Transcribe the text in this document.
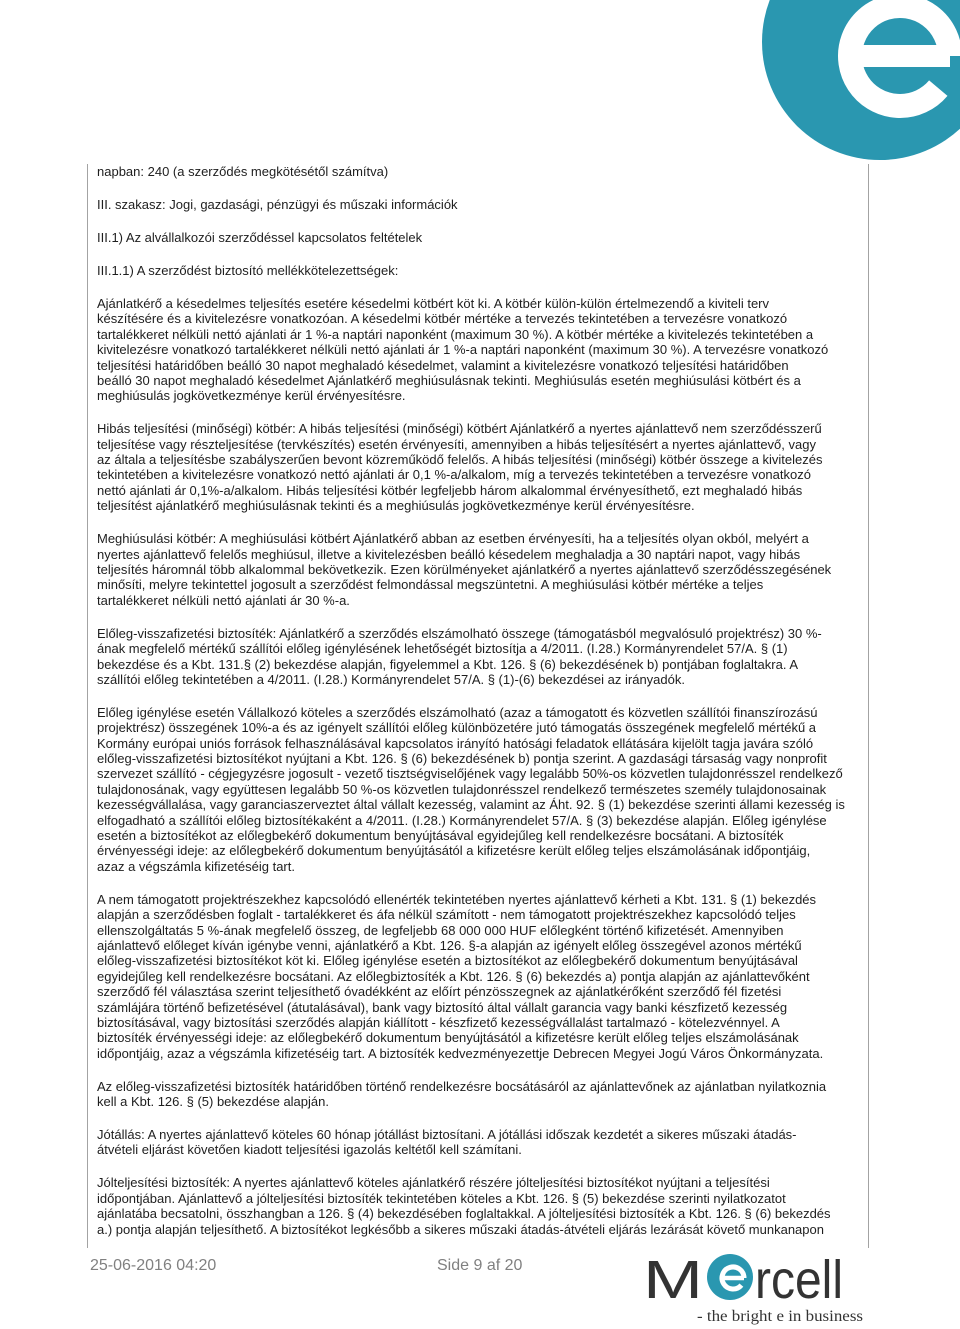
napban: 240 (a szerződés megkötésétől számítva)
III. szakasz: Jogi, gazdasági, pénzügyi és műszaki információk
III.1) Az alvállalkozói szerződéssel kapcsolatos feltételek
III.1.1) A szerződést biztosító mellékkötelezettségek:
Ajánlatkérő a késedelmes teljesítés esetére késedelmi kötbért köt ki. A kötbér külön-külön értelmezendő a kiviteli terv
készítésére és a kivitelezésre vonatkozóan. A késedelmi kötbér mértéke a tervezés tekintetében a tervezésre vonatkozó
tartalékkeret nélküli nettó ajánlati ár 1 %-a naptári naponként (maximum 30 %). A kötbér mértéke a kivitelezés tekintetében a
kivitelezésre vonatkozó tartalékkeret nélküli nettó ajánlati ár 1 %-a naptári naponként (maximum 30 %). A tervezésre vonatkozó
teljesítési határidőben beálló 30 napot meghaladó késedelmet, valamint a kivitelezésre vonatkozó teljesítési határidőben
beálló 30 napot meghaladó késedelmet Ajánlatkérő meghiúsulásnak tekinti. Meghiúsulás esetén meghiúsulási kötbért és a
meghiúsulás jogkövetkezménye kerül érvényesítésre.
Hibás teljesítési (minőségi) kötbér: A hibás teljesítési (minőségi) kötbért Ajánlatkérő a nyertes ajánlattevő nem szerződésszerű
teljesítése vagy részteljesítése (tervkészítés) esetén érvényesíti, amennyiben a hibás teljesítésért a nyertes ajánlattevő, vagy
az általa a teljesítésbe szabályszerűen bevont közreműködő felelős. A hibás teljesítési (minőségi) kötbér összege a kivitelezés
tekintetében a kivitelezésre vonatkozó nettó ajánlati ár 0,1 %-a/alkalom, míg a tervezés tekintetében a tervezésre vonatkozó
nettó ajánlati ár 0,1%-a/alkalom. Hibás teljesítési kötbér legfeljebb három alkalommal érvényesíthető, ezt meghaladó hibás
teljesítést ajánlatkérő meghiúsulásnak tekinti és a meghiúsulás jogkövetkezménye kerül érvényesítésre.
Meghiúsulási kötbér: A meghiúsulási kötbért Ajánlatkérő abban az esetben érvényesíti, ha a teljesítés olyan okból, melyért a
nyertes ajánlattevő felelős meghiúsul, illetve a kivitelezésben beálló késedelem meghaladja a 30 naptári napot, vagy hibás
teljesítés háromnál több alkalommal bekövetkezik. Ezen körülményeket ajánlatkérő a nyertes ajánlattevő szerződésszegésének
minősíti, melyre tekintettel jogosult a szerződést felmondással megszüntetni. A meghiúsulási kötbér mértéke a teljes
tartalékkeret nélküli nettó ajánlati ár 30 %-a.
Előleg-visszafizetési biztosíték: Ajánlatkérő a szerződés elszámolható összege (támogatásból megvalósuló projektrész) 30 %-
ának megfelelő mértékű szállítói előleg igénylésének lehetőségét biztosítja a 4/2011. (I.28.) Kormányrendelet 57/A. § (1)
bekezdése és a Kbt. 131.§ (2) bekezdése alapján, figyelemmel a Kbt. 126. § (6) bekezdésének b) pontjában foglaltakra. A
szállítói előleg tekintetében a 4/2011. (I.28.) Kormányrendelet 57/A. § (1)-(6) bekezdései az irányadók.
Előleg igénylése esetén Vállalkozó köteles a szerződés elszámolható (azaz a támogatott és közvetlen szállítói finanszírozású
projektrész) összegének 10%-a és az igényelt szállítói előleg különbözetére jutó támogatás összegének megfelelő mértékű a
Kormány európai uniós források felhasználásával kapcsolatos irányító hatósági feladatok ellátására kijelölt tagja javára szóló
előleg-visszafizetési biztosítékot nyújtani a Kbt. 126. § (6) bekezdésének b) pontja szerint. A gazdasági társaság vagy nonprofit
szervezet szállító - cégjegyzésre jogosult - vezető tisztségviselőjének vagy legalább 50%-os közvetlen tulajdonrésszel rendelkező
tulajdonosának, vagy együttesen legalább 50 %-os közvetlen tulajdonrésszel rendelkező természetes személy tulajdonosainak
kezességvállalása, vagy garanciaszerveztet által vállalt kezesség, valamint az Áht. 92. § (1) bekezdése szerinti állami kezesség is
elfogadható a szállítói előleg biztosítékaként a 4/2011. (I.28.) Kormányrendelet 57/A. § (3) bekezdése alapján. Előleg igénylése
esetén a biztosítékot az előlegbekérő dokumentum benyújtásával egyidejűleg kell rendelkezésre bocsátani. A biztosíték
érvényességi ideje: az előlegbekérő dokumentum benyújtásától a kifizetésre került előleg teljes elszámolásának időpontjáig,
azaz a végszámla kifizetéséig tart.
A nem támogatott projektrészekhez kapcsolódó ellenérték tekintetében nyertes ajánlattevő kérheti a Kbt. 131. § (1) bekezdés
alapján a szerződésben foglalt - tartalékkeret és áfa nélkül számított - nem támogatott projektrészekhez kapcsolódó teljes
ellenszolgáltatás 5 %-ának megfelelő összeg, de legfeljebb 68 000 000 HUF előlegként történő kifizetését. Amennyiben
ajánlattevő előleget kíván igénybe venni, ajánlatkérő a Kbt. 126. §-a alapján az igényelt előleg összegével azonos mértékű
előleg-visszafizetési biztosítékot köt ki. Előleg igénylése esetén a biztosítékot az előlegbekérő dokumentum benyújtásával
egyidejűleg kell rendelkezésre bocsátani. Az előlegbiztosíték a Kbt. 126. § (6) bekezdés a) pontja alapján az ajánlattevőként
szerződő fél választása szerint teljesíthető óvadékként az előírt pénzösszegnek az ajánlatkérőként szerződő fél fizetési
számlájára történő befizetésével (átutalásával), bank vagy biztosító által vállalt garancia vagy banki készfizető kezesség
biztosításával, vagy biztosítási szerződés alapján kiállított - készfizető kezességvállalást tartalmazó - kötelezvénnyel. A
biztosíték érvényességi ideje: az előlegbekérő dokumentum benyújtásától a kifizetésre került előleg teljes elszámolásának
időpontjáig, azaz a végszámla kifizetéséig tart. A biztosíték kedvezményezettje Debrecen Megyei Jogú Város Önkormányzata.
Az előleg-visszafizetési biztosíték határidőben történő rendelkezésre bocsátásáról az ajánlattevőnek az ajánlatban nyilatkoznia
kell a Kbt. 126. § (5) bekezdése alapján.
Jótállás: A nyertes ajánlattevő köteles 60 hónap jótállást biztosítani. A jótállási időszak kezdetét a sikeres műszaki átadás-
átvételi eljárást követően kiadott teljesítési igazolás keltétől kell számítani.
Jólteljesítési biztosíték: A nyertes ajánlattevő köteles ajánlatkérő részére jólteljesítési biztosítékot nyújtani a teljesítési
időpontjában. Ajánlattevő a jólteljesítési biztosíték tekintetében köteles a Kbt. 126. § (5) bekezdése szerinti nyilatkozatot
ajánlatába becsatolni, összhangban a 126. § (4) bekezdésében foglaltakkal. A jólteljesítési biztosíték a Kbt. 126. § (6) bekezdés
a.) pontja alapján teljesíthető. A biztosítékot legkésőbb a sikeres műszaki átadás-átvételi eljárás lezárását követő munkanapon
25-06-2016 04:20	Side 9 af 20 M rcell
- the bright e in business
